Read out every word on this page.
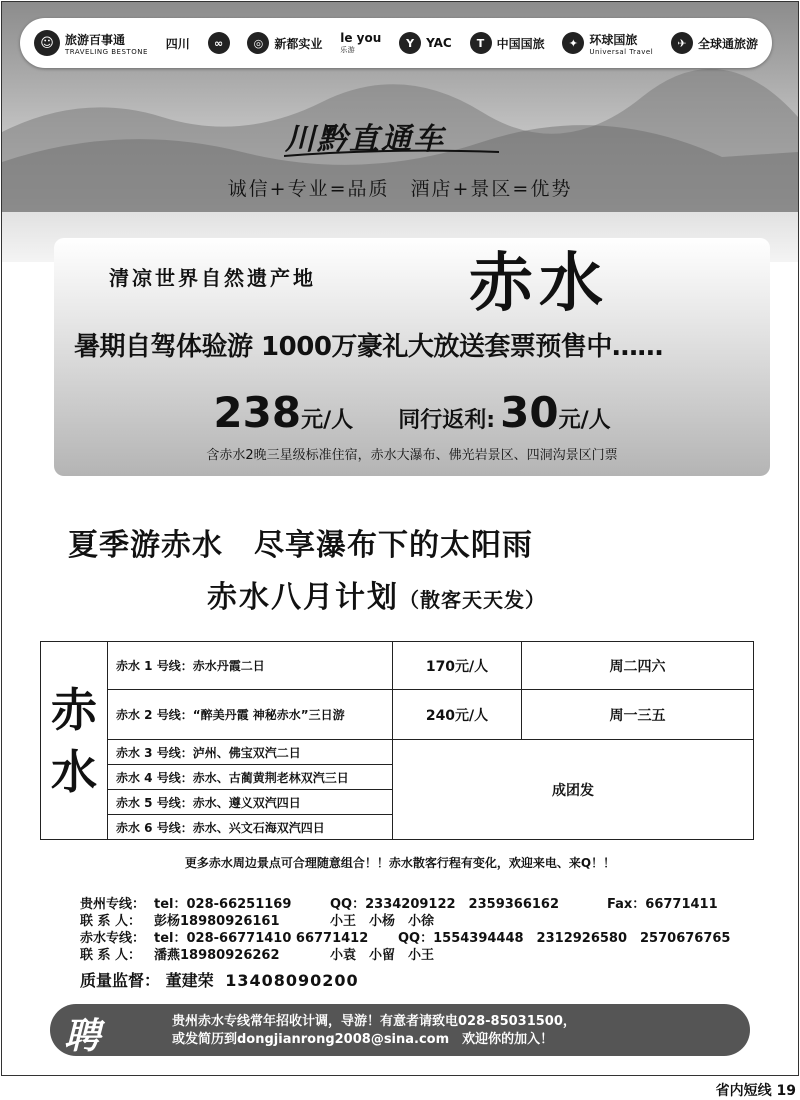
☺ 旅游百事通
TRAVELING BESTONE
四川	∞	◎ 新都实业 le you
乐游
Y	YAC	T	中国国旅	✦ 环球国旅
Universal Travel
✈ 全球通旅游
川黔直通车
诚信+专业=品质　酒店+景区=优势
清凉世界自然遗产地 赤水
暑期自驾体验游 1000万豪礼大放送套票预售中……
238元/人 同行返利: 30元/人
含赤水2晚三星级标准住宿，赤水大瀑布、佛光岩景区、四洞沟景区门票
夏季游赤水　尽享瀑布下的太阳雨
赤水八月计划（散客天天发）
赤
水	赤水 1 号线：赤水丹霞二日	170元/人	周二四六
	赤水 2 号线：“醉美丹霞 神秘赤水”三日游	240元/人	周一三五
	赤水 3 号线：泸州、佛宝双汽二日	成团发	
	赤水 4 号线：赤水、古蔺黄荆老林双汽三日		
	赤水 5 号线：赤水、遵义双汽四日		
	赤水 6 号线：赤水、兴文石海双汽四日		
更多赤水周边景点可合理随意组合！！赤水散客行程有变化，欢迎来电、来Q！！
贵州专线： tel：028-66251169	QQ：2334209122　2359366162	Fax：66771411
联 系 人： 彭杨18980926161	小王　小杨　小徐
赤水专线： tel：028-66771410 66771412 QQ：1554394448　2312926580　2570676765
联 系 人： 潘燕18980926262	小袁　小留　小王
质量监督： 董建荣 13408090200
聘	贵州赤水专线常年招收计调，导游！有意者请致电028-85031500，
或发简历到dongjianrong2008@sina.com　欢迎你的加入！
省内短线 19
